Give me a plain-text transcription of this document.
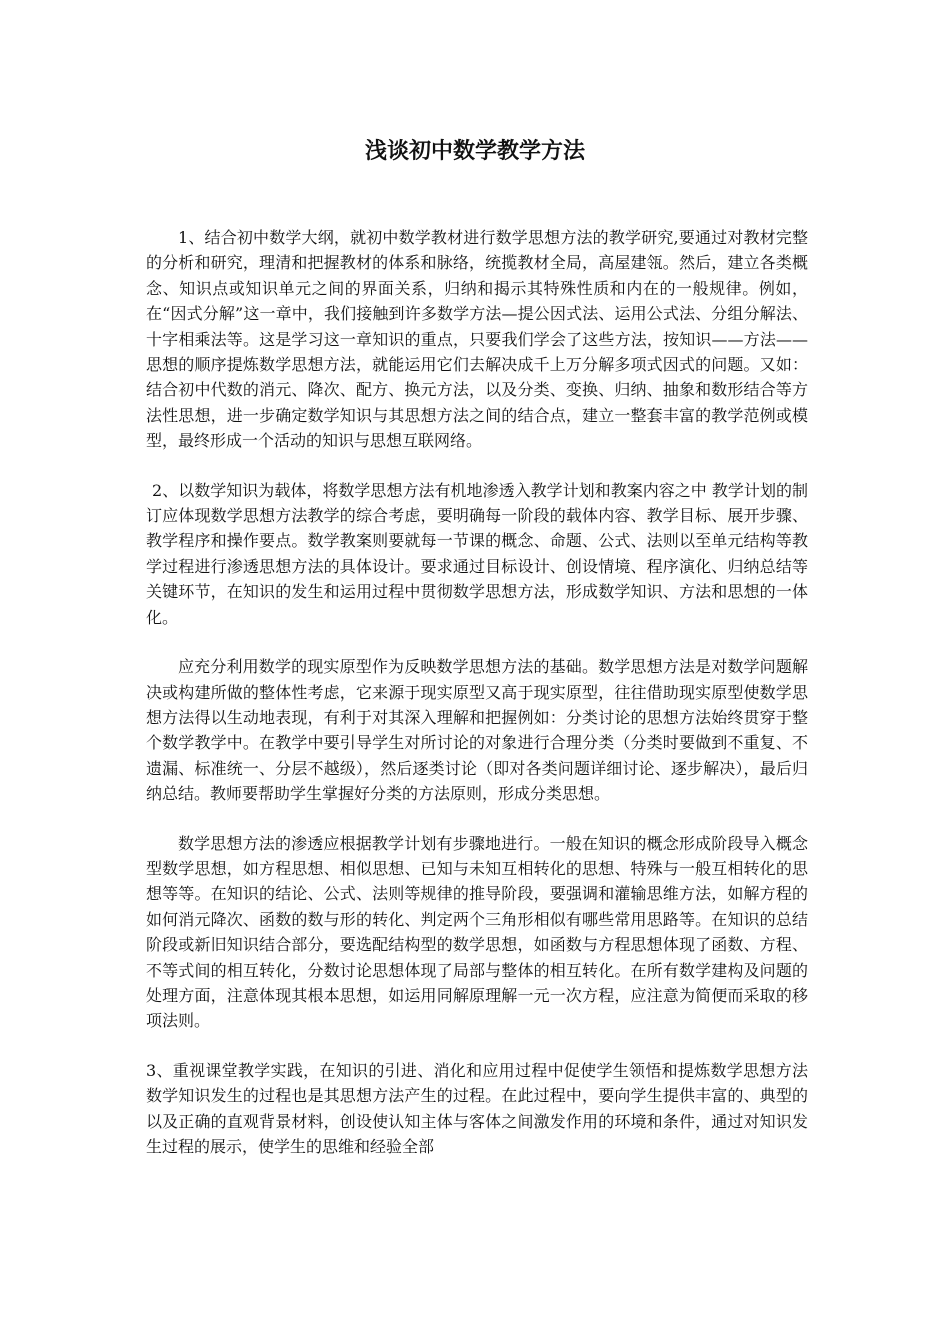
浅谈初中数学教学方法

1、结合初中数学大纲，就初中数学教材进行数学思想方法的教学研究,要通过对教材完整的分析和研究，理清和把握教材的体系和脉络，统揽教材全局，高屋建瓴。然后，建立各类概念、知识点或知识单元之间的界面关系，归纳和揭示其特殊性质和内在的一般规律。例如，在“因式分解”这一章中，我们接触到许多数学方法—提公因式法、运用公式法、分组分解法、十字相乘法等。这是学习这一章知识的重点，只要我们学会了这些方法，按知识——方法——思想的顺序提炼数学思想方法，就能运用它们去解决成千上万分解多项式因式的问题。又如：结合初中代数的消元、降次、配方、换元方法，以及分类、变换、归纳、抽象和数形结合等方法性思想，进一步确定数学知识与其思想方法之间的结合点，建立一整套丰富的教学范例或模型，最终形成一个活动的知识与思想互联网络。

2、以数学知识为载体，将数学思想方法有机地渗透入教学计划和教案内容之中 教学计划的制订应体现数学思想方法教学的综合考虑，要明确每一阶段的载体内容、教学目标、展开步骤、教学程序和操作要点。数学教案则要就每一节课的概念、命题、公式、法则以至单元结构等教学过程进行渗透思想方法的具体设计。要求通过目标设计、创设情境、程序演化、归纳总结等关键环节，在知识的发生和运用过程中贯彻数学思想方法，形成数学知识、方法和思想的一体化。

应充分利用数学的现实原型作为反映数学思想方法的基础。数学思想方法是对数学问题解决或构建所做的整体性考虑，它来源于现实原型又高于现实原型，往往借助现实原型使数学思想方法得以生动地表现，有利于对其深入理解和把握例如：分类讨论的思想方法始终贯穿于整个数学教学中。在教学中要引导学生对所讨论的对象进行合理分类（分类时要做到不重复、不遗漏、标准统一、分层不越级），然后逐类讨论（即对各类问题详细讨论、逐步解决），最后归纳总结。教师要帮助学生掌握好分类的方法原则，形成分类思想。

数学思想方法的渗透应根据教学计划有步骤地进行。一般在知识的概念形成阶段导入概念型数学思想，如方程思想、相似思想、已知与未知互相转化的思想、特殊与一般互相转化的思想等等。在知识的结论、公式、法则等规律的推导阶段，要强调和灌输思维方法，如解方程的如何消元降次、函数的数与形的转化、判定两个三角形相似有哪些常用思路等。在知识的总结阶段或新旧知识结合部分，要选配结构型的数学思想，如函数与方程思想体现了函数、方程、不等式间的相互转化，分数讨论思想体现了局部与整体的相互转化。在所有数学建构及问题的处理方面，注意体现其根本思想，如运用同解原理解一元一次方程，应注意为简便而采取的移项法则。

3、重视课堂教学实践，在知识的引进、消化和应用过程中促使学生领悟和提炼数学思想方法 数学知识发生的过程也是其思想方法产生的过程。在此过程中，要向学生提供丰富的、典型的以及正确的直观背景材料，创设使认知主体与客体之间激发作用的环境和条件，通过对知识发生过程的展示，使学生的思维和经验全部
